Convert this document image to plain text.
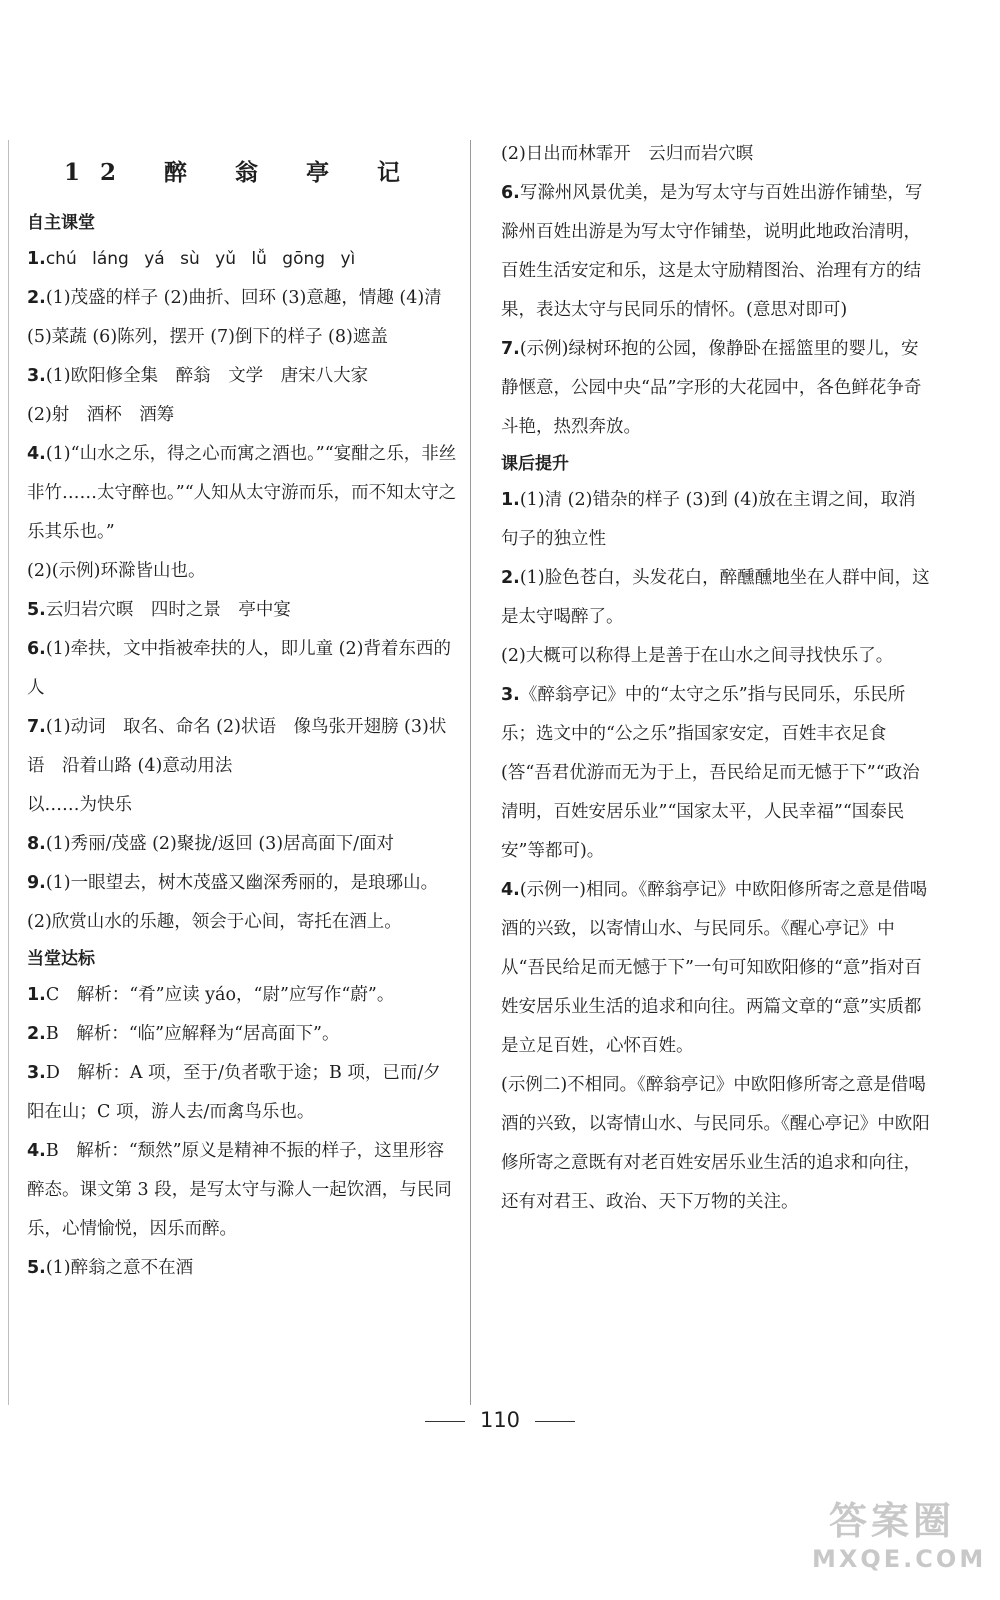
12 醉 翁 亭 记
自主课堂
1.chú láng yá sù yǔ lǚ gōng yì
2.(1)茂盛的样子 (2)曲折、回环 (3)意趣，情趣 (4)清 (5)菜蔬 (6)陈列，摆开 (7)倒下的样子 (8)遮盖
3.(1)欧阳修全集　醉翁　文学　唐宋八大家
(2)射　酒杯　酒筹
4.(1)“山水之乐，得之心而寓之酒也。”“宴酣之乐，非丝非竹……太守醉也。”“人知从太守游而乐，而不知太守之乐其乐也。”
(2)(示例)环滁皆山也。
5.云归岩穴暝　四时之景　亭中宴
6.(1)牵扶，文中指被牵扶的人，即儿童 (2)背着东西的人
7.(1)动词　取名、命名 (2)状语　像鸟张开翅膀 (3)状语　沿着山路 (4)意动用法
以……为快乐
8.(1)秀丽/茂盛 (2)聚拢/返回 (3)居高面下/面对
9.(1)一眼望去，树木茂盛又幽深秀丽的，是琅琊山。
(2)欣赏山水的乐趣，领会于心间，寄托在酒上。
当堂达标
1.C　解析：“肴”应读 yáo，“尉”应写作“蔚”。
2.B　解析：“临”应解释为“居高面下”。
3.D　解析：A 项，至于/负者歌于途；B 项，已而/夕阳在山；C 项，游人去/而禽鸟乐也。
4.B　解析：“颓然”原义是精神不振的样子，这里形容醉态。课文第 3 段，是写太守与滁人一起饮酒，与民同乐，心情愉悦，因乐而醉。
5.(1)醉翁之意不在酒
(2)日出而林霏开　云归而岩穴暝
6.写滁州风景优美，是为写太守与百姓出游作铺垫，写滁州百姓出游是为写太守作铺垫，说明此地政治清明，百姓生活安定和乐，这是太守励精图治、治理有方的结果，表达太守与民同乐的情怀。(意思对即可)
7.(示例)绿树环抱的公园，像静卧在摇篮里的婴儿，安静惬意，公园中央“品”字形的大花园中，各色鲜花争奇斗艳，热烈奔放。
课后提升
1.(1)清 (2)错杂的样子 (3)到 (4)放在主谓之间，取消句子的独立性
2.(1)脸色苍白，头发花白，醉醺醺地坐在人群中间，这是太守喝醉了。
(2)大概可以称得上是善于在山水之间寻找快乐了。
3.《醉翁亭记》中的“太守之乐”指与民同乐，乐民所乐；选文中的“公之乐”指国家安定，百姓丰衣足食(答“吾君优游而无为于上，吾民给足而无憾于下”“政治清明，百姓安居乐业”“国家太平，人民幸福”“国泰民安”等都可)。
4.(示例一)相同。《醉翁亭记》中欧阳修所寄之意是借喝酒的兴致，以寄情山水、与民同乐。《醒心亭记》中从“吾民给足而无憾于下”一句可知欧阳修的“意”指对百姓安居乐业生活的追求和向往。两篇文章的“意”实质都是立足百姓，心怀百姓。
(示例二)不相同。《醉翁亭记》中欧阳修所寄之意是借喝酒的兴致，以寄情山水、与民同乐。《醒心亭记》中欧阳修所寄之意既有对老百姓安居乐业生活的追求和向往，还有对君王、政治、天下万物的关注。
110
答案圈
MXQE.COM
